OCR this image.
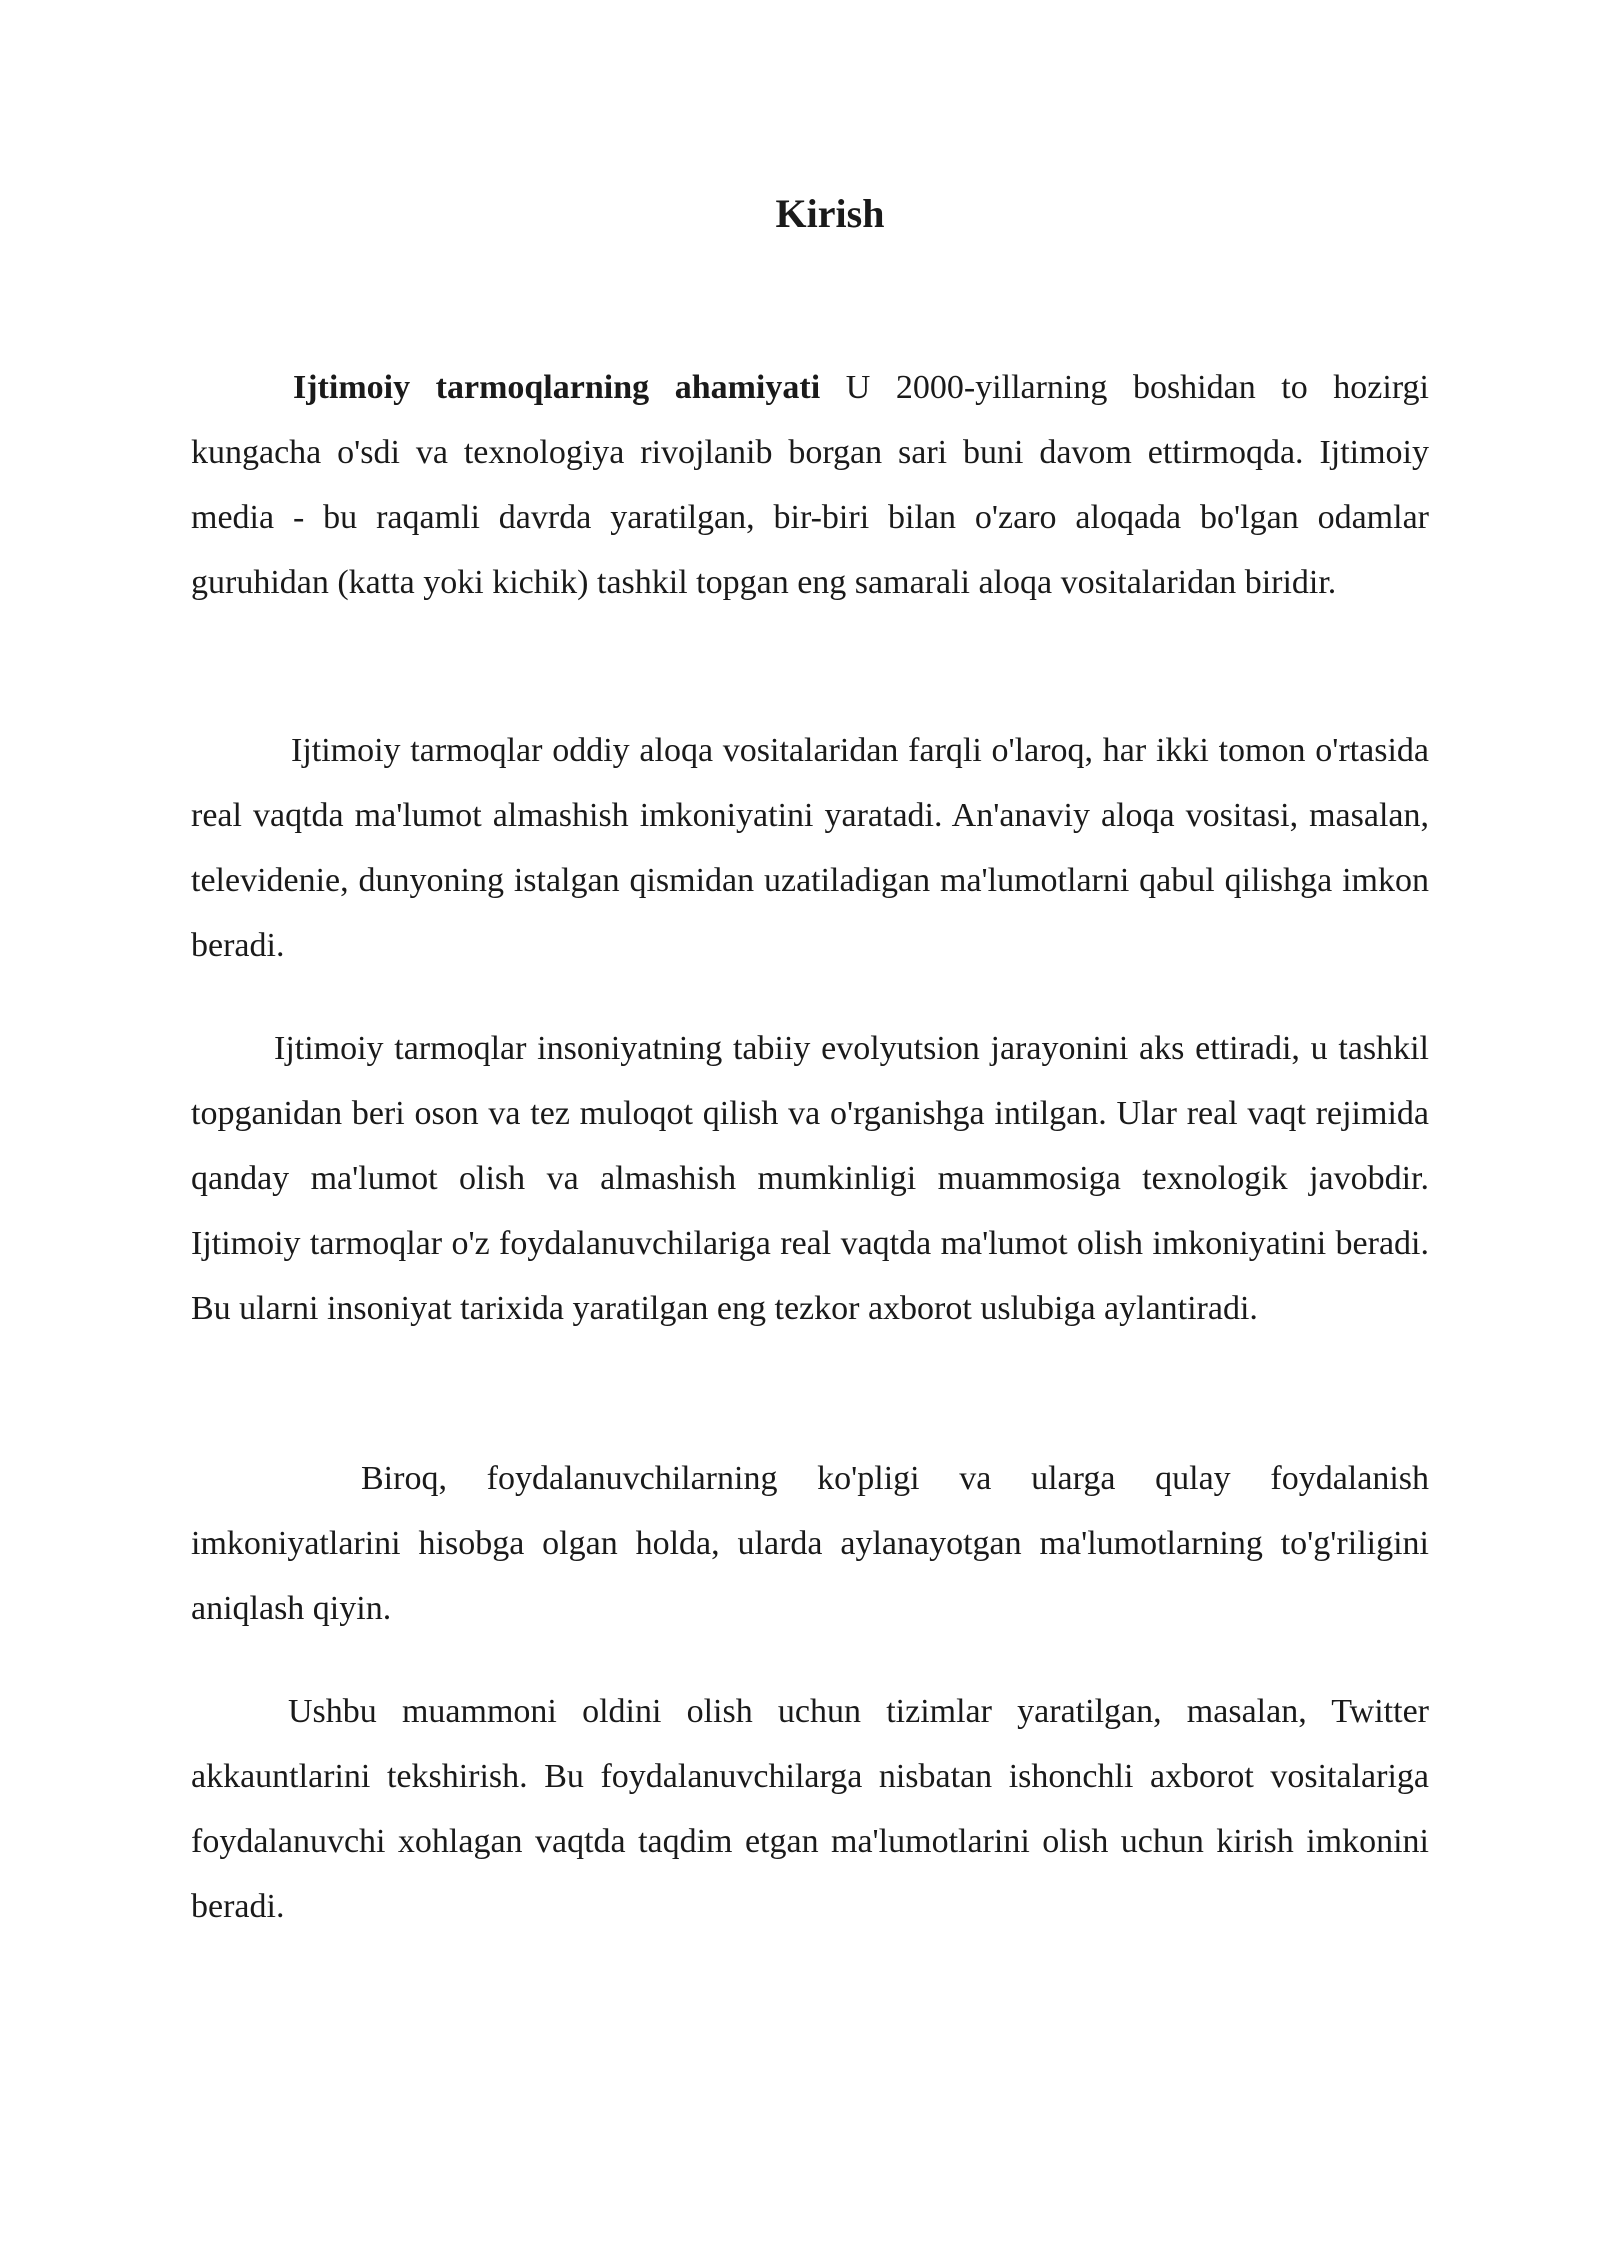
Kirish

Ijtimoiy tarmoqlarning ahamiyati U 2000-yillarning boshidan to hozirgi kungacha o'sdi va texnologiya rivojlanib borgan sari buni davom ettirmoqda. Ijtimoiy media - bu raqamli davrda yaratilgan, bir-biri bilan o'zaro aloqada bo'lgan odamlar guruhidan (katta yoki kichik) tashkil topgan eng samarali aloqa vositalaridan biridir.

Ijtimoiy tarmoqlar oddiy aloqa vositalaridan farqli o'laroq, har ikki tomon o'rtasida real vaqtda ma'lumot almashish imkoniyatini yaratadi. An'anaviy aloqa vositasi, masalan, televidenie, dunyoning istalgan qismidan uzatiladigan ma'lumotlarni qabul qilishga imkon beradi.

Ijtimoiy tarmoqlar insoniyatning tabiiy evolyutsion jarayonini aks ettiradi, u tashkil topganidan beri oson va tez muloqot qilish va o'rganishga intilgan. Ular real vaqt rejimida qanday ma'lumot olish va almashish mumkinligi muammosiga texnologik javobdir. Ijtimoiy tarmoqlar o'z foydalanuvchilariga real vaqtda ma'lumot olish imkoniyatini beradi. Bu ularni insoniyat tarixida yaratilgan eng tezkor axborot uslubiga aylantiradi.

Biroq, foydalanuvchilarning ko'pligi va ularga qulay foydalanish imkoniyatlarini hisobga olgan holda, ularda aylanayotgan ma'lumotlarning to'g'riligini aniqlash qiyin.

Ushbu muammoni oldini olish uchun tizimlar yaratilgan, masalan, Twitter akkauntlarini tekshirish. Bu foydalanuvchilarga nisbatan ishonchli axborot vositalariga foydalanuvchi xohlagan vaqtda taqdim etgan ma'lumotlarini olish uchun kirish imkonini beradi.
